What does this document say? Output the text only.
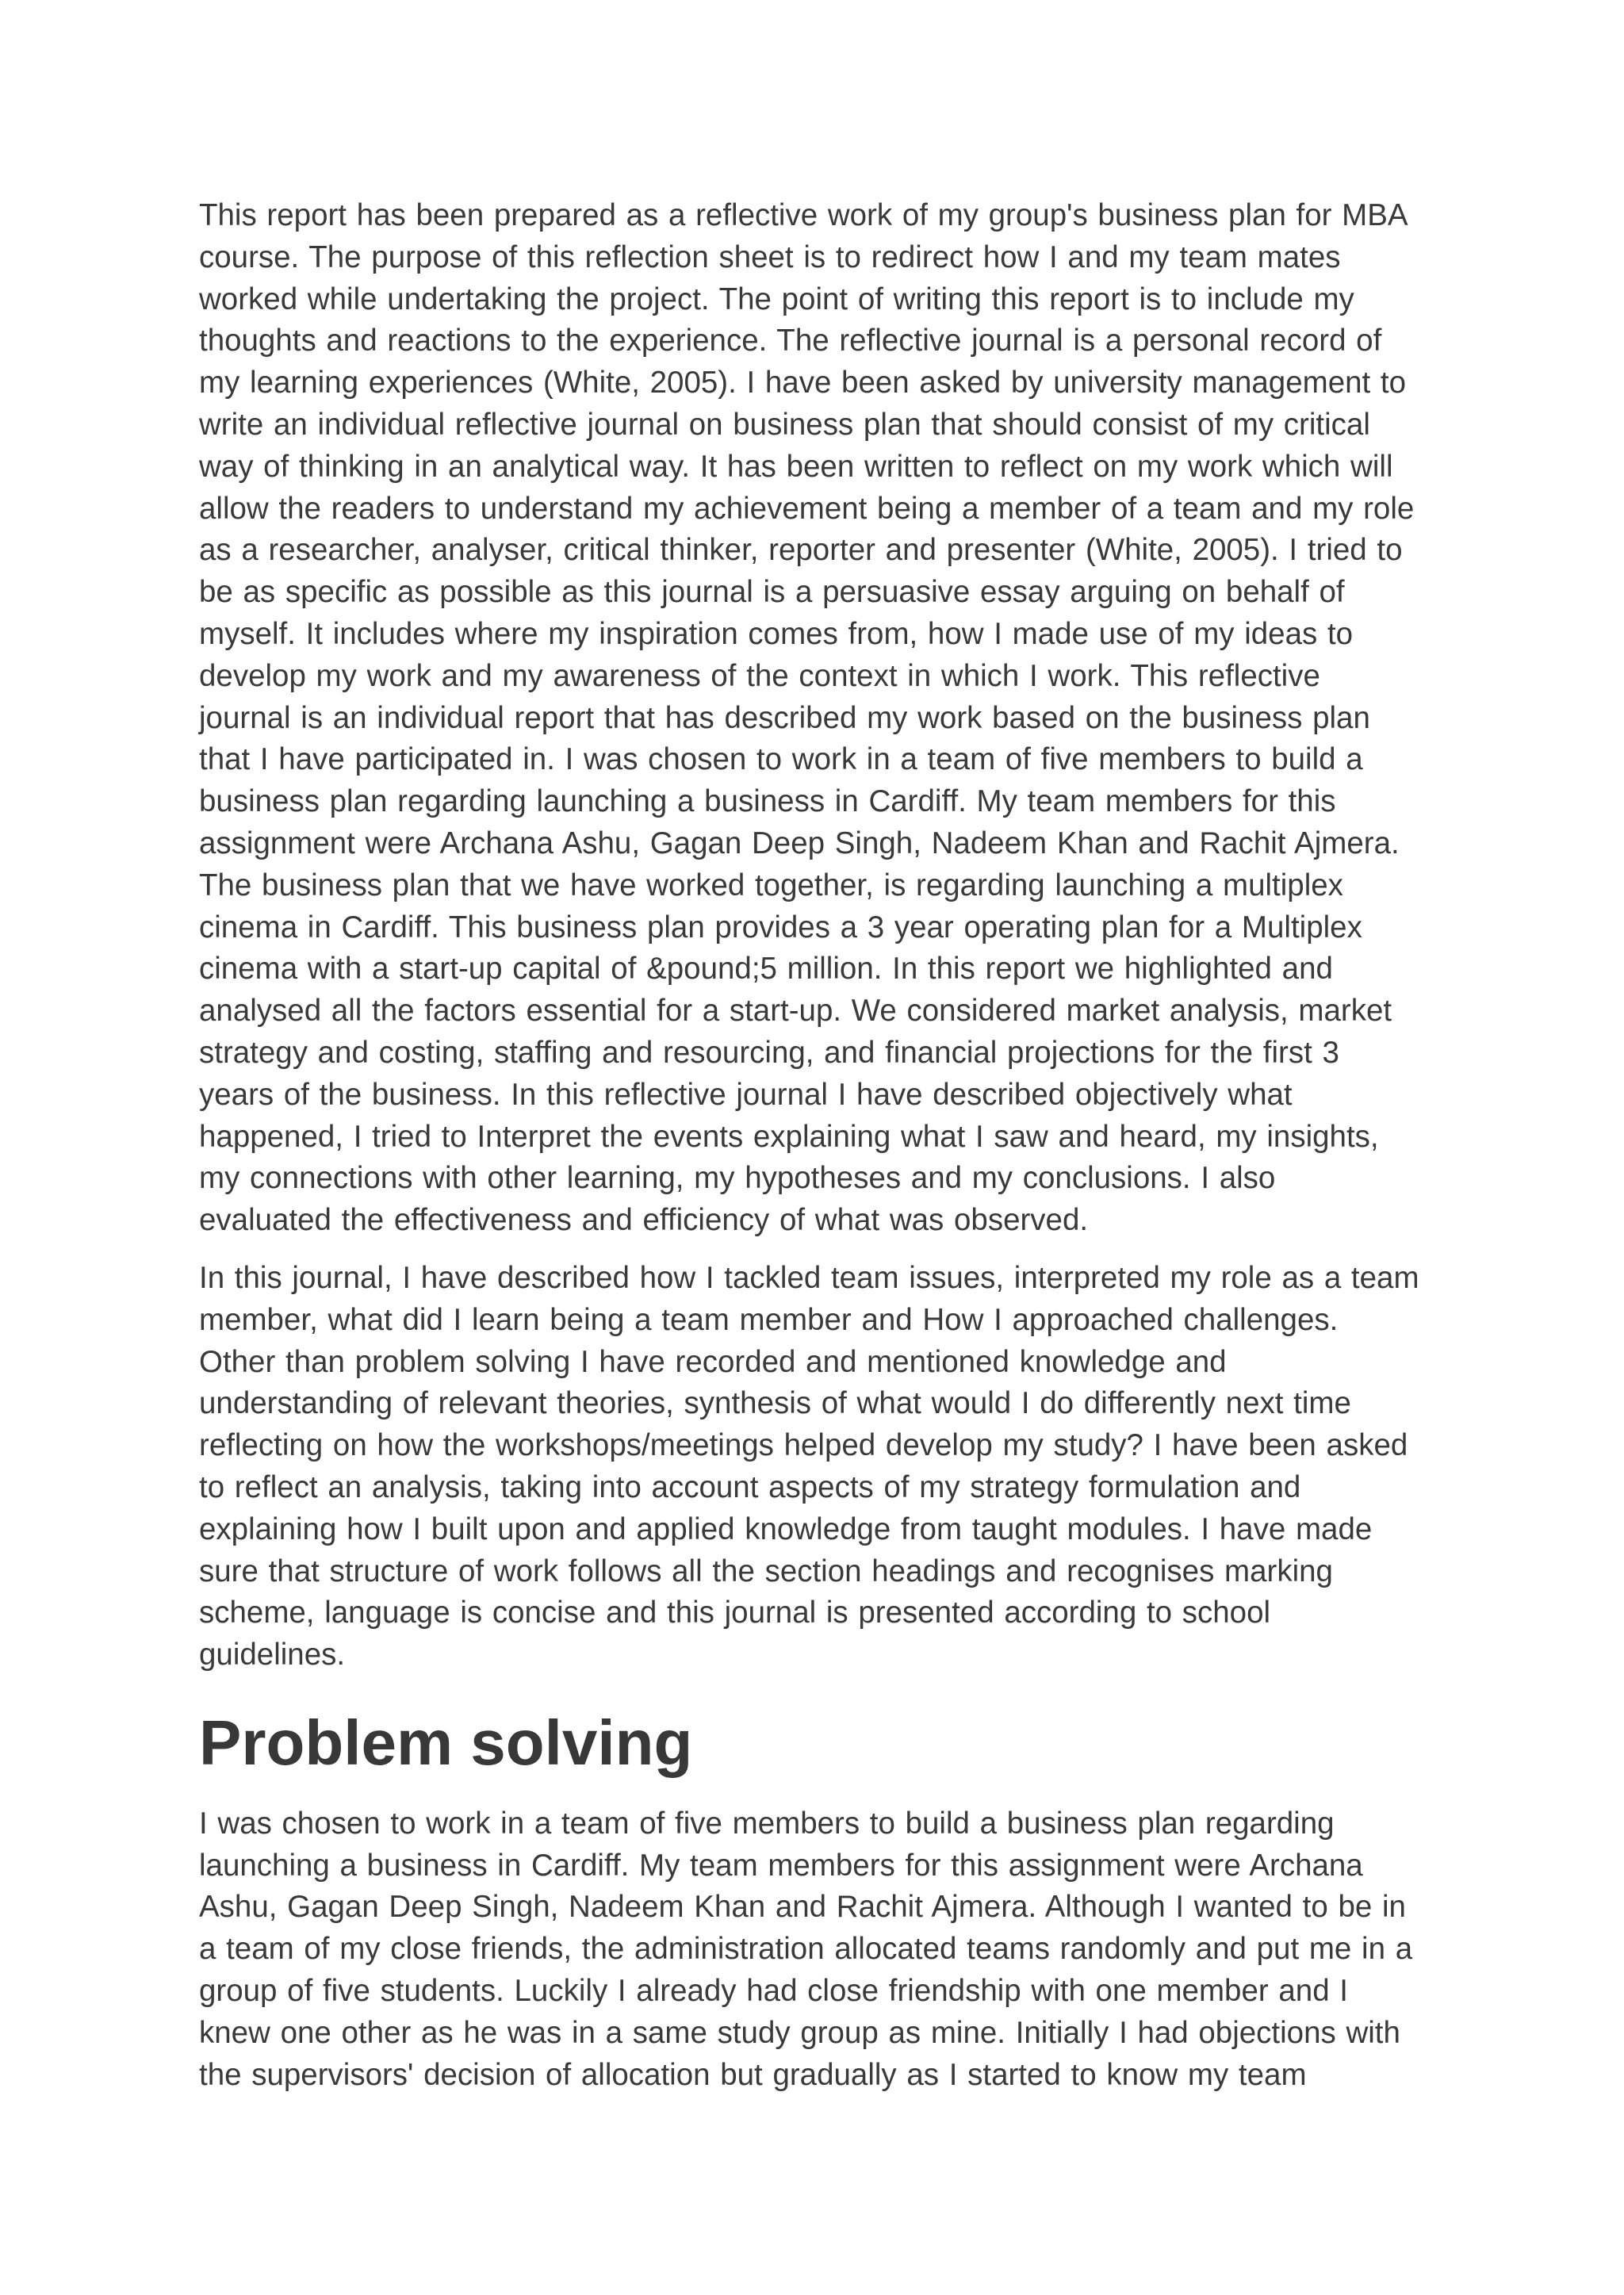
This report has been prepared as a reflective work of my group's business plan for MBA
course. The purpose of this reflection sheet is to redirect how I and my team mates
worked while undertaking the project. The point of writing this report is to include my
thoughts and reactions to the experience. The reflective journal is a personal record of
my learning experiences (White, 2005). I have been asked by university management to
write an individual reflective journal on business plan that should consist of my critical
way of thinking in an analytical way. It has been written to reflect on my work which will
allow the readers to understand my achievement being a member of a team and my role
as a researcher, analyser, critical thinker, reporter and presenter (White, 2005). I tried to
be as specific as possible as this journal is a persuasive essay arguing on behalf of
myself. It includes where my inspiration comes from, how I made use of my ideas to
develop my work and my awareness of the context in which I work. This reflective
journal is an individual report that has described my work based on the business plan
that I have participated in. I was chosen to work in a team of five members to build a
business plan regarding launching a business in Cardiff. My team members for this
assignment were Archana Ashu, Gagan Deep Singh, Nadeem Khan and Rachit Ajmera.
The business plan that we have worked together, is regarding launching a multiplex
cinema in Cardiff. This business plan provides a 3 year operating plan for a Multiplex
cinema with a start-up capital of &pound;5 million. In this report we highlighted and
analysed all the factors essential for a start-up. We considered market analysis, market
strategy and costing, staffing and resourcing, and financial projections for the first 3
years of the business. In this reflective journal I have described objectively what
happened, I tried to Interpret the events explaining what I saw and heard, my insights,
my connections with other learning, my hypotheses and my conclusions. I also
evaluated the effectiveness and efficiency of what was observed.

In this journal, I have described how I tackled team issues, interpreted my role as a team
member, what did I learn being a team member and How I approached challenges.
Other than problem solving I have recorded and mentioned knowledge and
understanding of relevant theories, synthesis of what would I do differently next time
reflecting on how the workshops/meetings helped develop my study? I have been asked
to reflect an analysis, taking into account aspects of my strategy formulation and
explaining how I built upon and applied knowledge from taught modules. I have made
sure that structure of work follows all the section headings and recognises marking
scheme, language is concise and this journal is presented according to school
guidelines.

Problem solving

I was chosen to work in a team of five members to build a business plan regarding
launching a business in Cardiff. My team members for this assignment were Archana
Ashu, Gagan Deep Singh, Nadeem Khan and Rachit Ajmera. Although I wanted to be in
a team of my close friends, the administration allocated teams randomly and put me in a
group of five students. Luckily I already had close friendship with one member and I
knew one other as he was in a same study group as mine. Initially I had objections with
the supervisors' decision of allocation but gradually as I started to know my team
